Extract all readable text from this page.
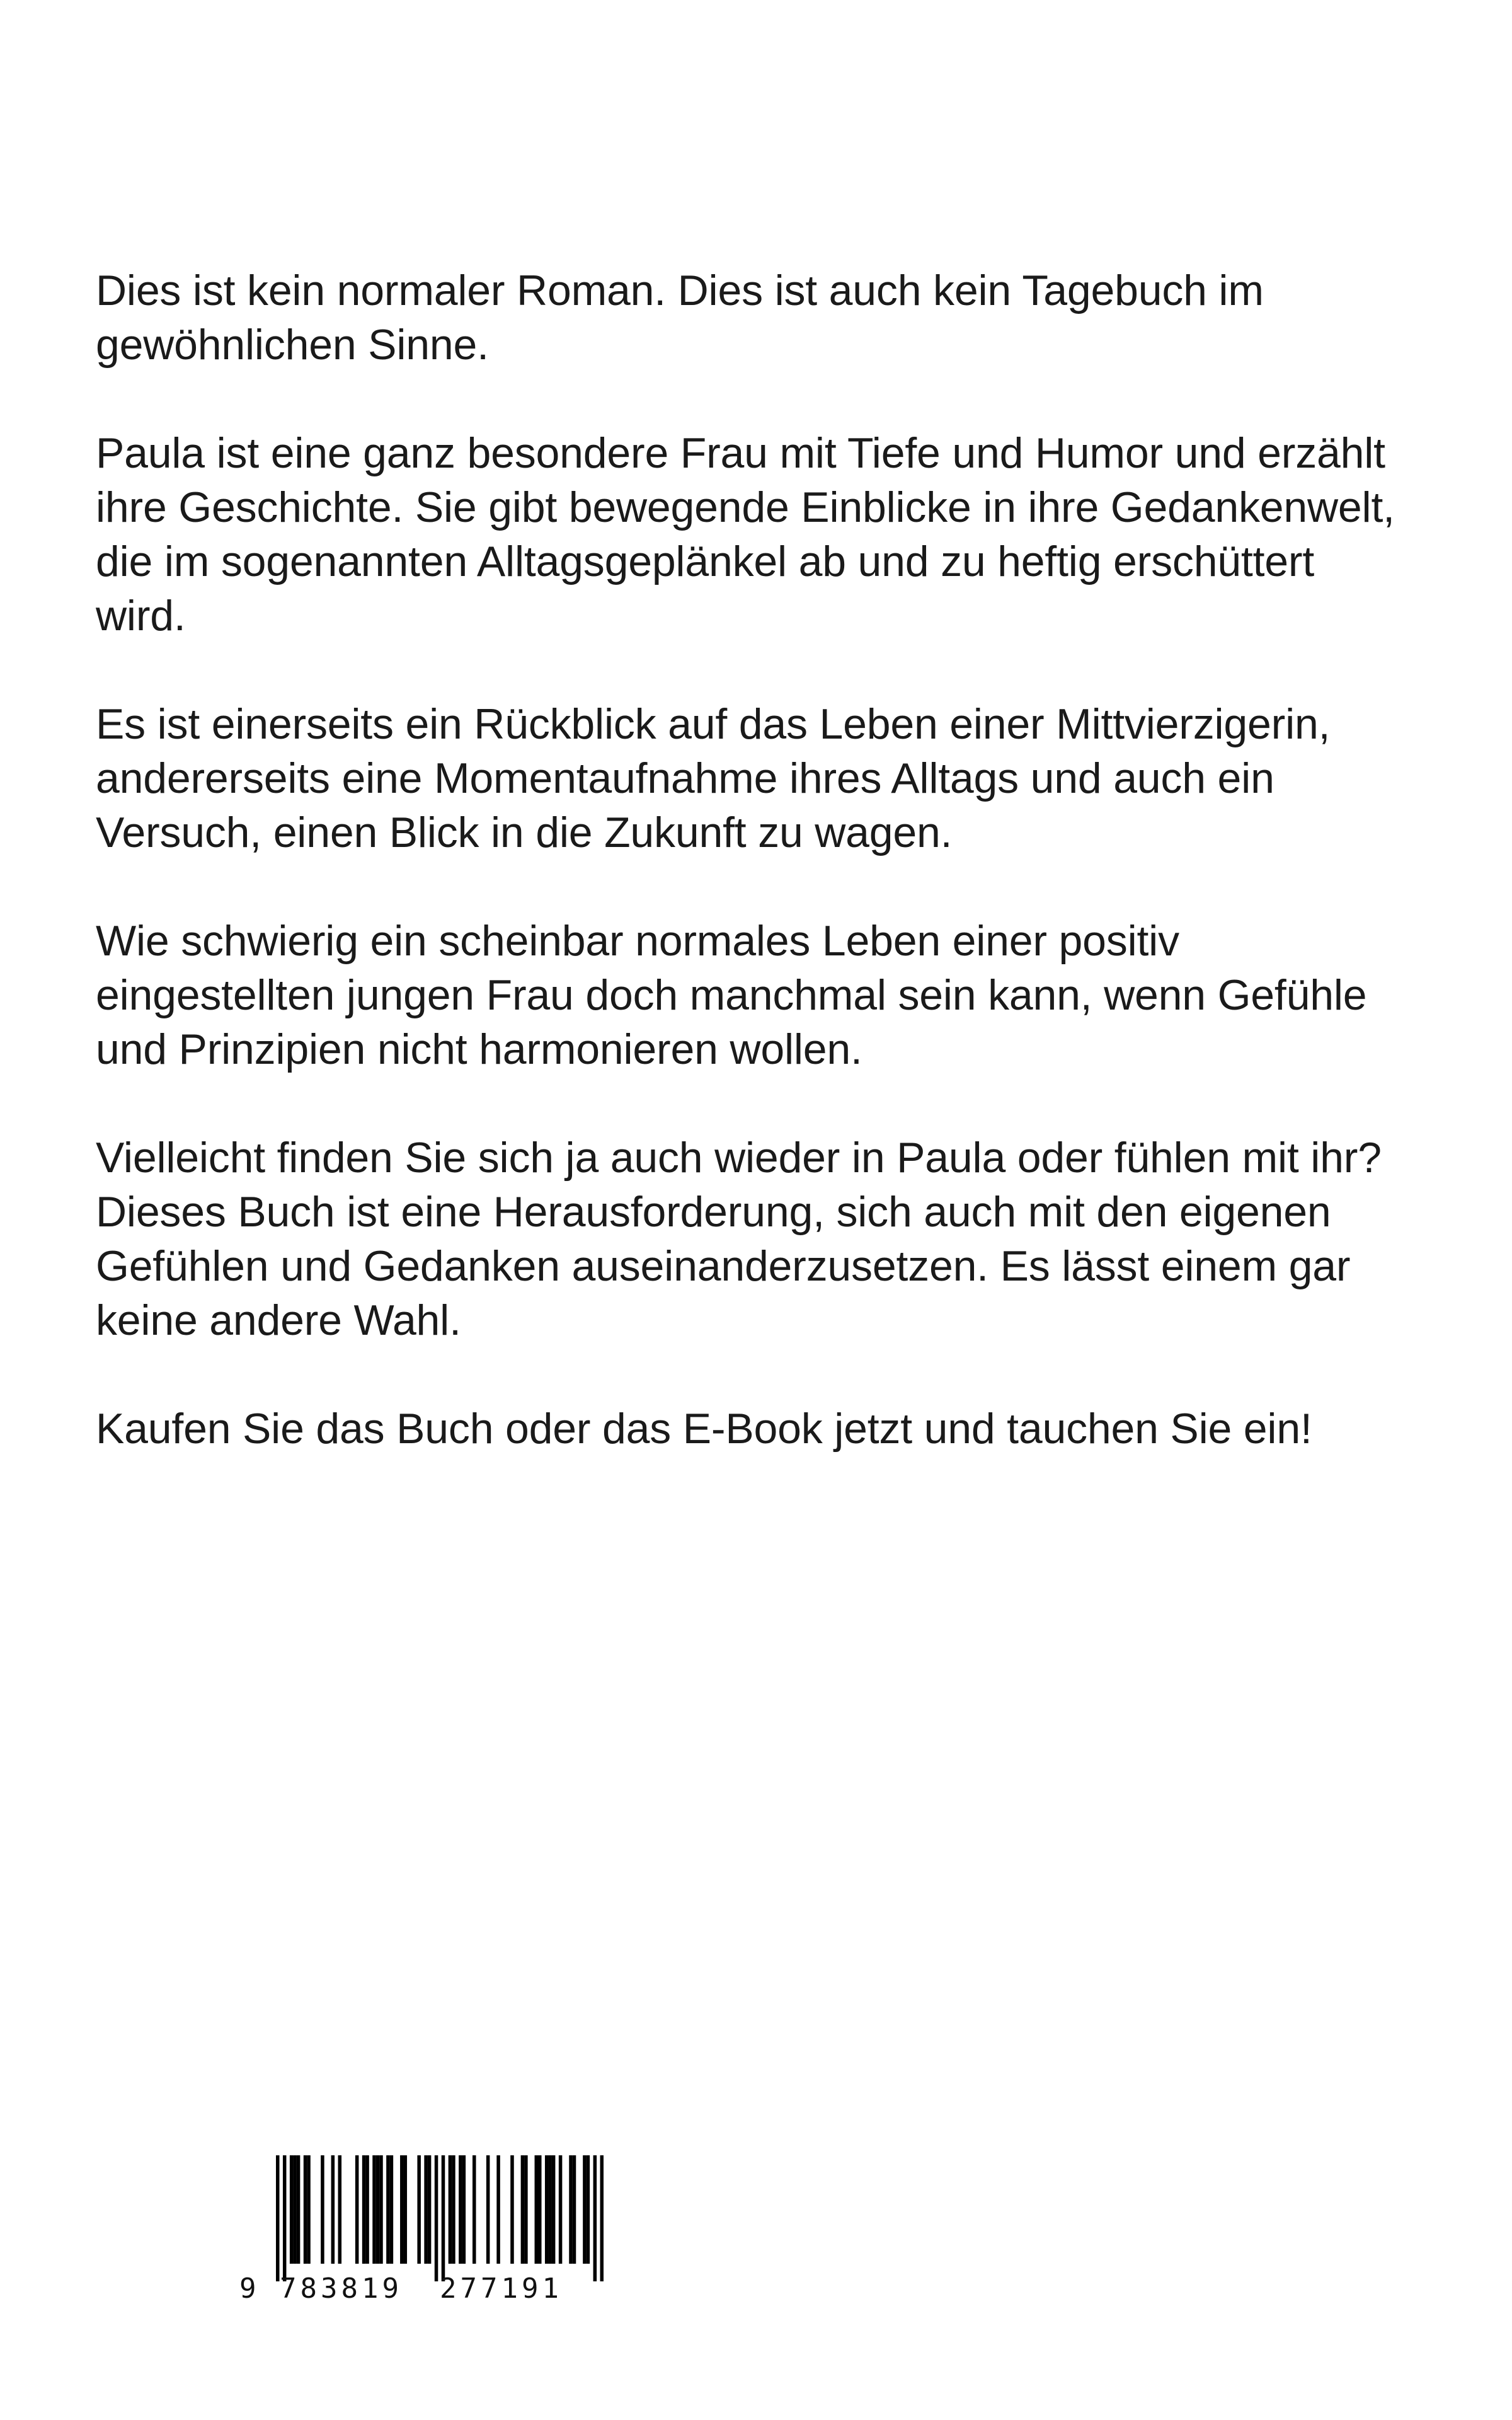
Dies ist kein normaler Roman. Dies ist auch kein Tagebuch im
gewöhnlichen Sinne.

Paula ist eine ganz besondere Frau mit Tiefe und Humor und erzählt
ihre Geschichte. Sie gibt bewegende Einblicke in ihre Gedankenwelt,
die im sogenannten Alltagsgeplänkel ab und zu heftig erschüttert
wird.

Es ist einerseits ein Rückblick auf das Leben einer Mittvierzigerin,
andererseits eine Momentaufnahme ihres Alltags und auch ein
Versuch, einen Blick in die Zukunft zu wagen.

Wie schwierig ein scheinbar normales Leben einer positiv
eingestellten jungen Frau doch manchmal sein kann, wenn Gefühle
und Prinzipien nicht harmonieren wollen.

Vielleicht finden Sie sich ja auch wieder in Paula oder fühlen mit ihr?
Dieses Buch ist eine Herausforderung, sich auch mit den eigenen
Gefühlen und Gedanken auseinanderzusetzen. Es lässt einem gar
keine andere Wahl.

Kaufen Sie das Buch oder das E-Book jetzt und tauchen Sie ein!

9 783819 277191
